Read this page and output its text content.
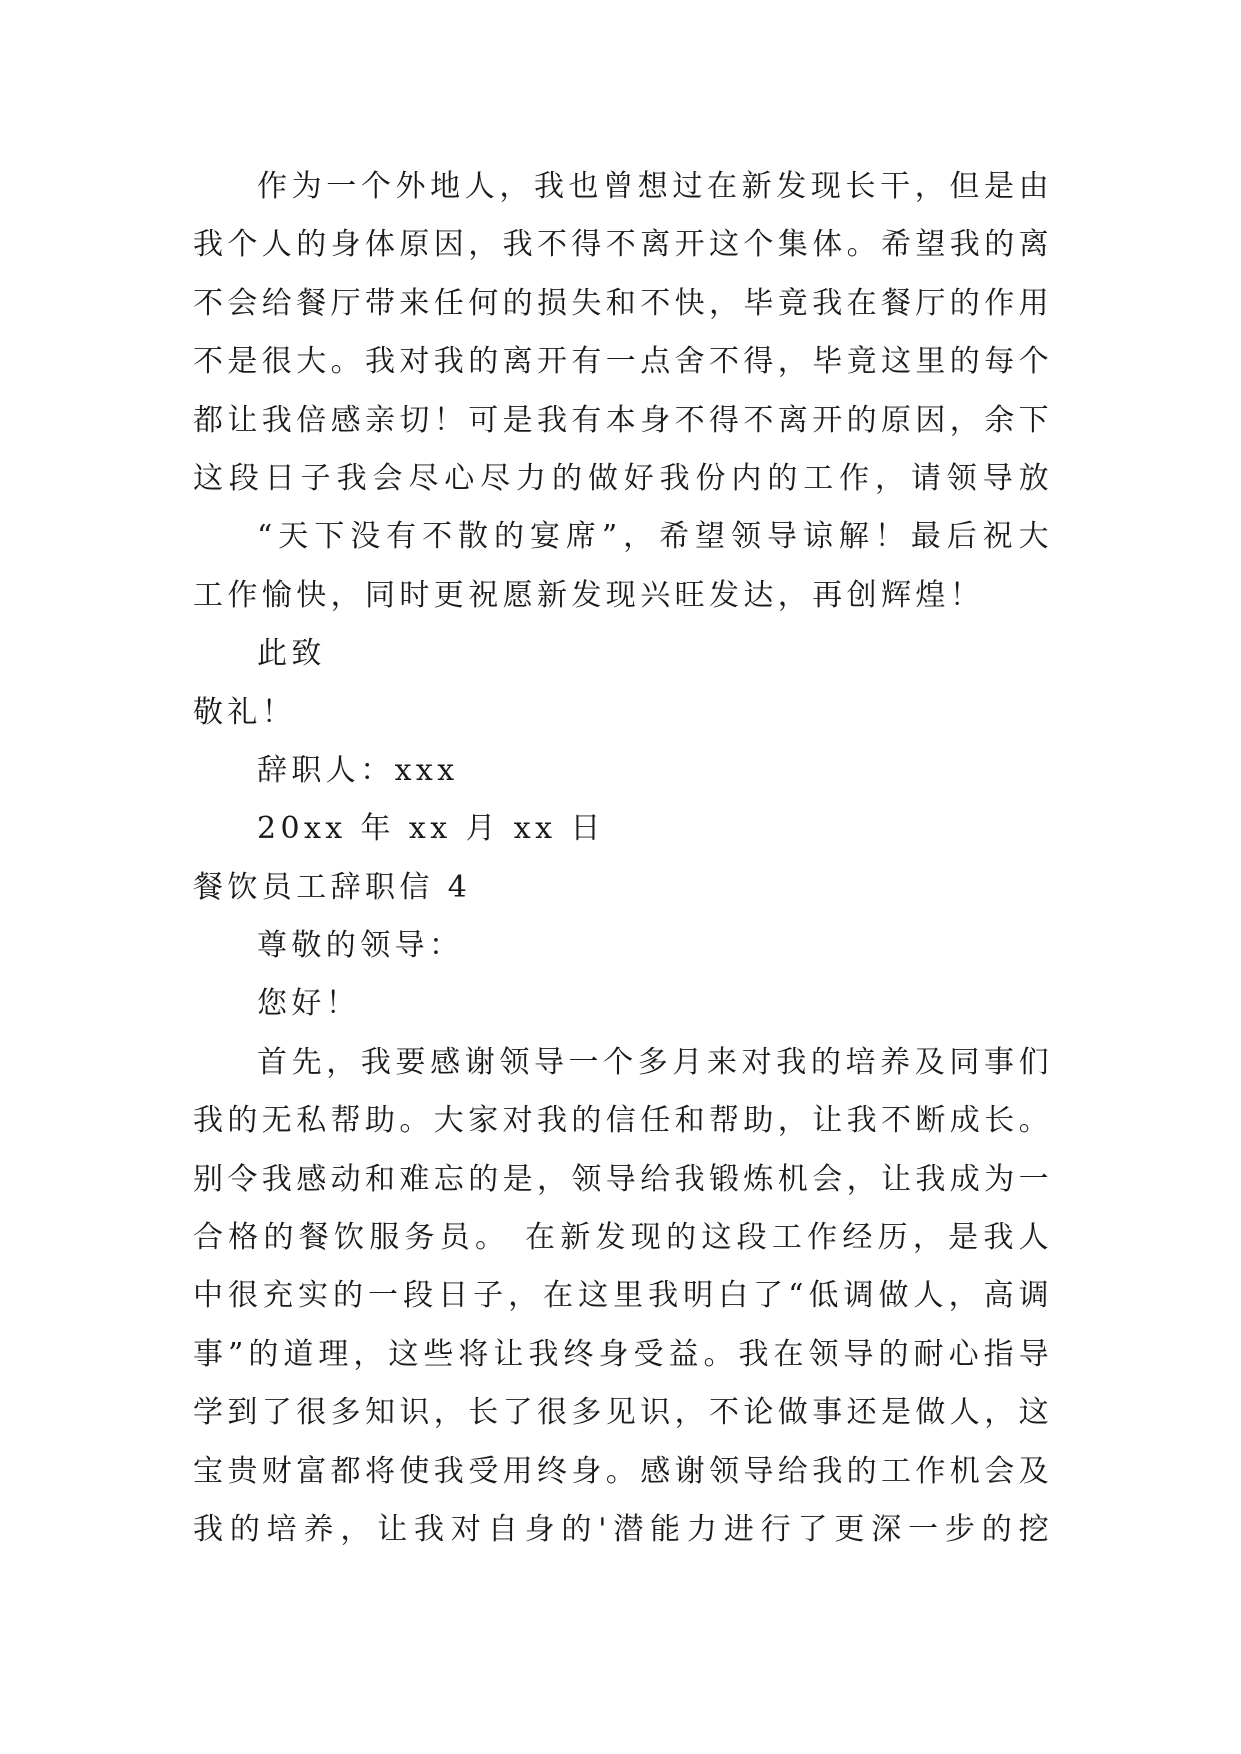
作为一个外地人，我也曾想过在新发现长干，但是由
我个人的身体原因，我不得不离开这个集体。希望我的离
不会给餐厅带来任何的损失和不快，毕竟我在餐厅的作用
不是很大。我对我的离开有一点舍不得，毕竟这里的每个
都让我倍感亲切！可是我有本身不得不离开的原因，余下
这段日子我会尽心尽力的做好我份内的工作，请领导放
“天下没有不散的宴席”，希望领导谅解！最后祝大
工作愉快，同时更祝愿新发现兴旺发达，再创辉煌！
此致
敬礼！
辞职人：xxx
20xx 年 xx 月 xx 日
餐饮员工辞职信 4
尊敬的领导：
您好！
首先，我要感谢领导一个多月来对我的培养及同事们
我的无私帮助。大家对我的信任和帮助，让我不断成长。
别令我感动和难忘的是，领导给我锻炼机会，让我成为一
合格的餐饮服务员。 在新发现的这段工作经历，是我人
中很充实的一段日子，在这里我明白了“低调做人，高调
事”的道理，这些将让我终身受益。我在领导的耐心指导
学到了很多知识，长了很多见识，不论做事还是做人，这
宝贵财富都将使我受用终身。感谢领导给我的工作机会及
我的培养，让我对自身的'潜能力进行了更深一步的挖
